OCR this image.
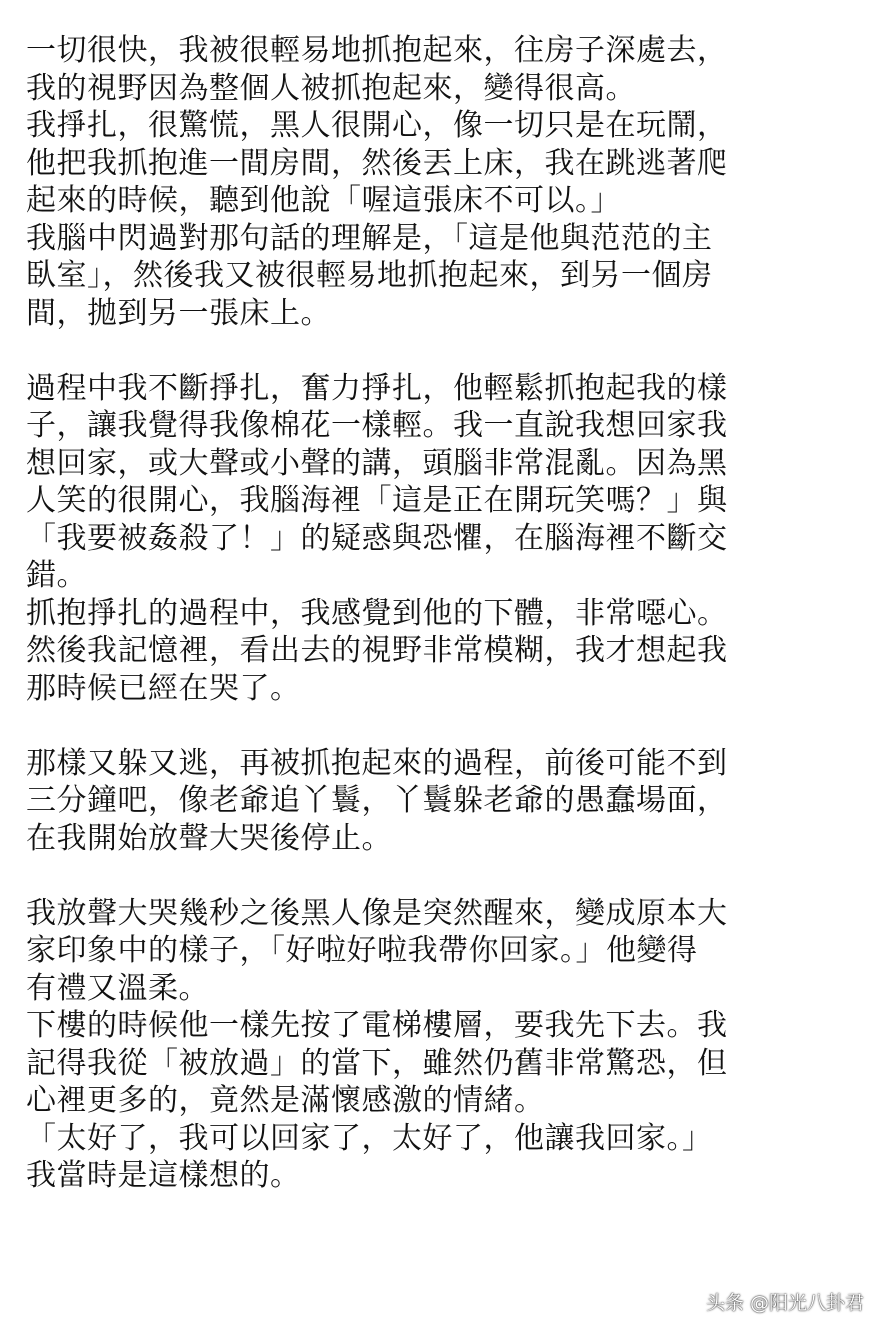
一切很快，我被很輕易地抓抱起來，往房子深處去，
我的視野因為整個人被抓抱起來，變得很高。
我掙扎，很驚慌，黑人很開心，像一切只是在玩鬧，
他把我抓抱進一間房間，然後丟上床，我在跳逃著爬
起來的時候，聽到他說「喔這張床不可以。」
我腦中閃過對那句話的理解是，「這是他與范范的主
臥室」，然後我又被很輕易地抓抱起來，到另一個房
間，拋到另一張床上。
過程中我不斷掙扎，奮力掙扎，他輕鬆抓抱起我的樣
子，讓我覺得我像棉花一樣輕。我一直說我想回家我
想回家，或大聲或小聲的講，頭腦非常混亂。因為黑
人笑的很開心，我腦海裡「這是正在開玩笑嗎？」與
「我要被姦殺了！」的疑惑與恐懼，在腦海裡不斷交
錯。
抓抱掙扎的過程中，我感覺到他的下體，非常噁心。
然後我記憶裡，看出去的視野非常模糊，我才想起我
那時候已經在哭了。
那樣又躲又逃，再被抓抱起來的過程，前後可能不到
三分鐘吧，像老爺追丫鬟，丫鬟躲老爺的愚蠢場面，
在我開始放聲大哭後停止。
我放聲大哭幾秒之後黑人像是突然醒來，變成原本大
家印象中的樣子，「好啦好啦我帶你回家。」他變得
有禮又溫柔。
下樓的時候他一樣先按了電梯樓層，要我先下去。我
記得我從「被放過」的當下，雖然仍舊非常驚恐，但
心裡更多的，竟然是滿懷感激的情緒。
「太好了，我可以回家了，太好了，他讓我回家。」
我當時是這樣想的。
头条 @阳光八卦君
